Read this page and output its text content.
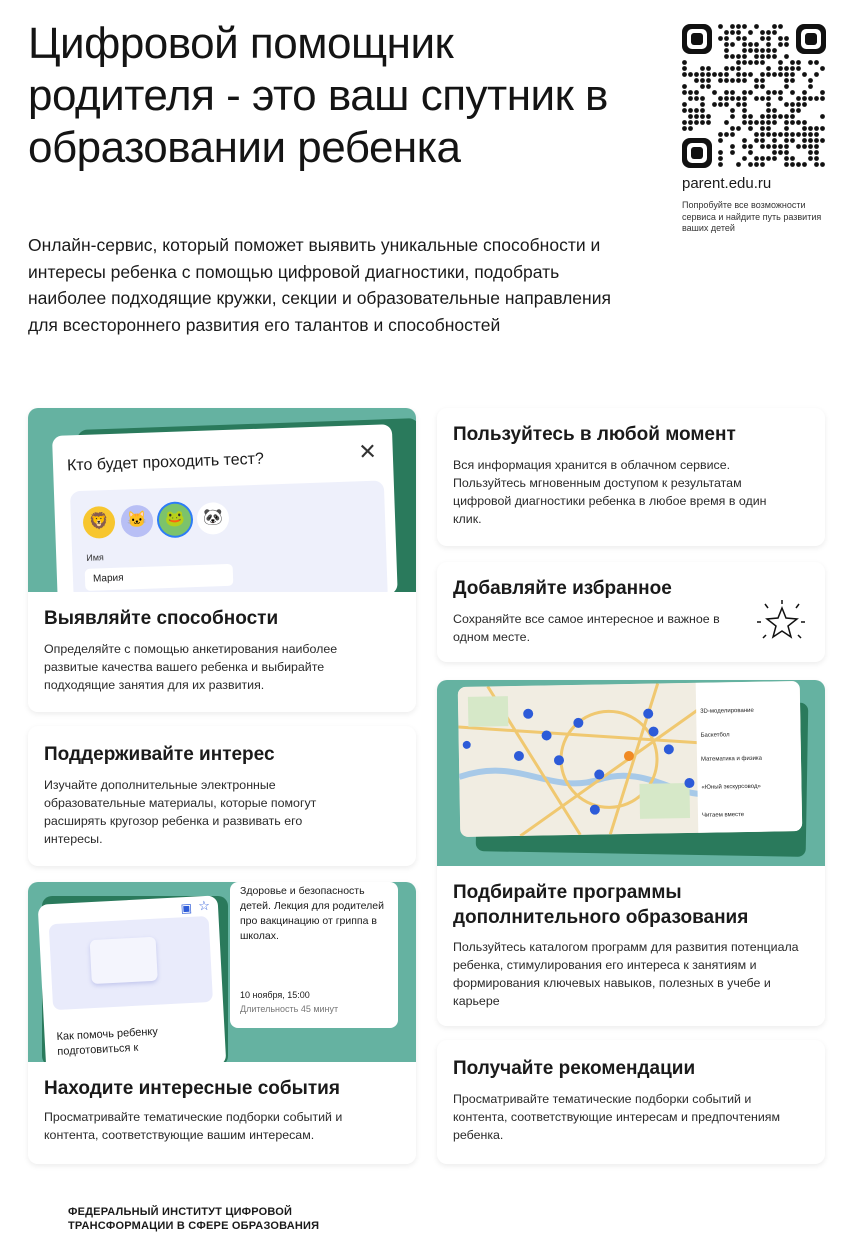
Цифровой помощник родителя - это ваш спутник в образовании ребенка

Онлайн-сервис, который поможет выявить уникальные способности и интересы ребенка с помощью цифровой диагностики, подобрать наиболее подходящие кружки, секции и образовательные направления для всестороннего развития его талантов и способностей

parent.edu.ru
Попробуйте все возможности сервиса и найдите путь развития ваших детей
Кто будет проходить тест?	✕
🦁	🐱	🐸	🐼
Имя
Мария
Выявляйте способности
Определяйте с помощью анкетирования наиболее развитые качества вашего ребенка и выбирайте подходящие занятия для их развития.
Поддерживайте интерес
Изучайте дополнительные электронные образовательные материалы, которые помогут расширять кругозор ребенка и развивать его интересы.
▣ ☆
Как помочь ребенку подготовиться к
Здоровье и безопасность детей. Лекция для родителей про вакцинацию от гриппа в школах.
10 ноября, 15:00
Длительность 45 минут
Находите интересные события
Просматривайте тематические подборки событий и контента, соответствующие вашим интересам.
Пользуйтесь в любой момент
Вся информация хранится в облачном сервисе. Пользуйтесь мгновенным доступом к результатам цифровой диагностики ребенка в любое время в один клик.
Добавляйте избранное
Сохраняйте все самое интересное и важное в одном месте.
3D-моделирование
Баскетбол
Математика и физика
«Юный экскурсовод»
Читаем вместе
Подбирайте программы дополнительного образования
Пользуйтесь каталогом программ для развития потенциала ребенка, стимулирования его интереса к занятиям и формирования ключевых навыков, полезных в учебе и карьере
Получайте рекомендации
Просматривайте тематические подборки событий и контента, соответствующие интересам и предпочтениям ребенка.
ФЕДЕРАЛЬНЫЙ ИНСТИТУТ ЦИФРОВОЙ ТРАНСФОРМАЦИИ В СФЕРЕ ОБРАЗОВАНИЯ
